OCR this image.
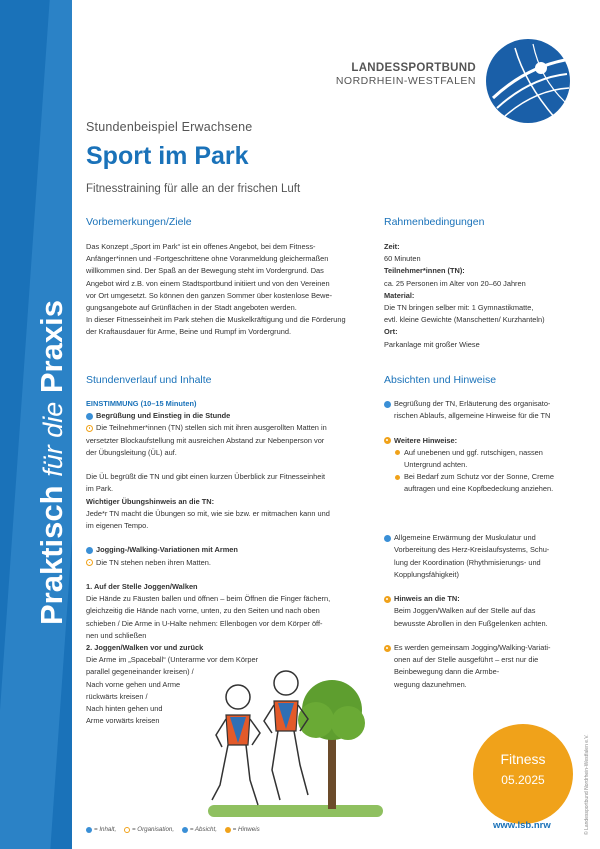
Praktisch für die Praxis
LANDESSPORTBUND
NORDRHEIN-WESTFALEN
Stundenbeispiel Erwachsene
Sport im Park
Fitnesstraining für alle an der frischen Luft
Vorbemerkungen/Ziele	Rahmenbedingungen
Stundenverlauf und Inhalte	Absichten und Hinweise

Das Konzept „Sport im Park“ ist ein offenes Angebot, bei dem Fitness-

Anfänger*innen und -Fortgeschrittene ohne Voranmeldung gleichermaßen

willkommen sind. Der Spaß an der Bewegung steht im Vordergrund. Das

Angebot wird z.B. von einem Stadtsportbund initiiert und von den Vereinen

vor Ort umgesetzt. So können den ganzen Sommer über kostenlose Bewe-

gungsangebote auf Grünflächen in der Stadt angeboten werden.

In dieser Fitnesseinheit im Park stehen die Muskelkräftigung und die Förderung

der Kraftausdauer für Arme, Beine und Rumpf im Vordergrund.

Zeit:

60 Minuten

Teilnehmer*innen (TN):

ca. 25 Personen im Alter von 20–60 Jahren

Material:

Die TN bringen selber mit: 1 Gymnastikmatte,

evtl. kleine Gewichte (Manschetten/ Kurzhanteln)

Ort:

Parkanlage mit großer Wiese

EINSTIMMUNG (10–15 Minuten)

Begrüßung und Einstieg in die Stunde

Die Teilnehmer*innen (TN) stellen sich mit ihren ausgerollten Matten in

versetzter Blockaufstellung mit ausreichen Abstand zur Nebenperson vor

der Übungsleitung (ÜL) auf.

Die ÜL begrüßt die TN und gibt einen kurzen Überblick zur Fitnesseinheit

im Park.

Wichtiger Übungshinweis an die TN:

Jede*r TN macht die Übungen so mit, wie sie bzw. er mitmachen kann und

im eigenen Tempo.

Jogging-/Walking-Variationen mit Armen

Die TN stehen neben ihren Matten.

1. Auf der Stelle Joggen/Walken

Die Hände zu Fäusten ballen und öffnen – beim Öffnen die Finger fächern,

gleichzeitig die Hände nach vorne, unten, zu den Seiten und nach oben

schieben / Die Arme in U-Halte nehmen: Ellenbogen vor dem Körper öff-

nen und schließen

2. Joggen/Walken vor und zurück

Die Arme im „Spaceball“ (Unterarme vor dem Körper

parallel gegeneinander kreisen) /

Nach vorne gehen und Arme

rückwärts kreisen /

Nach hinten gehen und

Arme vorwärts kreisen

Begrüßung der TN, Erläuterung des organisato-

rischen Ablaufs, allgemeine Hinweise für die TN

Weitere Hinweise:

Auf unebenen und ggf. rutschigen, nassen

Untergrund achten.

Bei Bedarf zum Schutz vor der Sonne, Creme

auftragen und eine Kopfbedeckung anziehen.

Allgemeine Erwärmung der Muskulatur und

Vorbereitung des Herz-Kreislaufsystems, Schu-

lung der Koordination (Rhythmisierungs- und

Kopplungsfähigkeit)

Hinweis an die TN:

Beim Joggen/Walken auf der Stelle auf das

bewusste Abrollen in den Fußgelenken achten.

Es werden gemeinsam Jogging/Walking-Variati-

onen auf der Stelle ausgeführt – erst nur die

Beinbewegung dann die Armbe-

wegung dazunehmen.

Fitness
05.2025
= Inhalt,	= Organisation,	= Absicht,	= Hinweis	www.lsb.nrw	© Landessportbund Nordrhein-Westfalen e.V.
